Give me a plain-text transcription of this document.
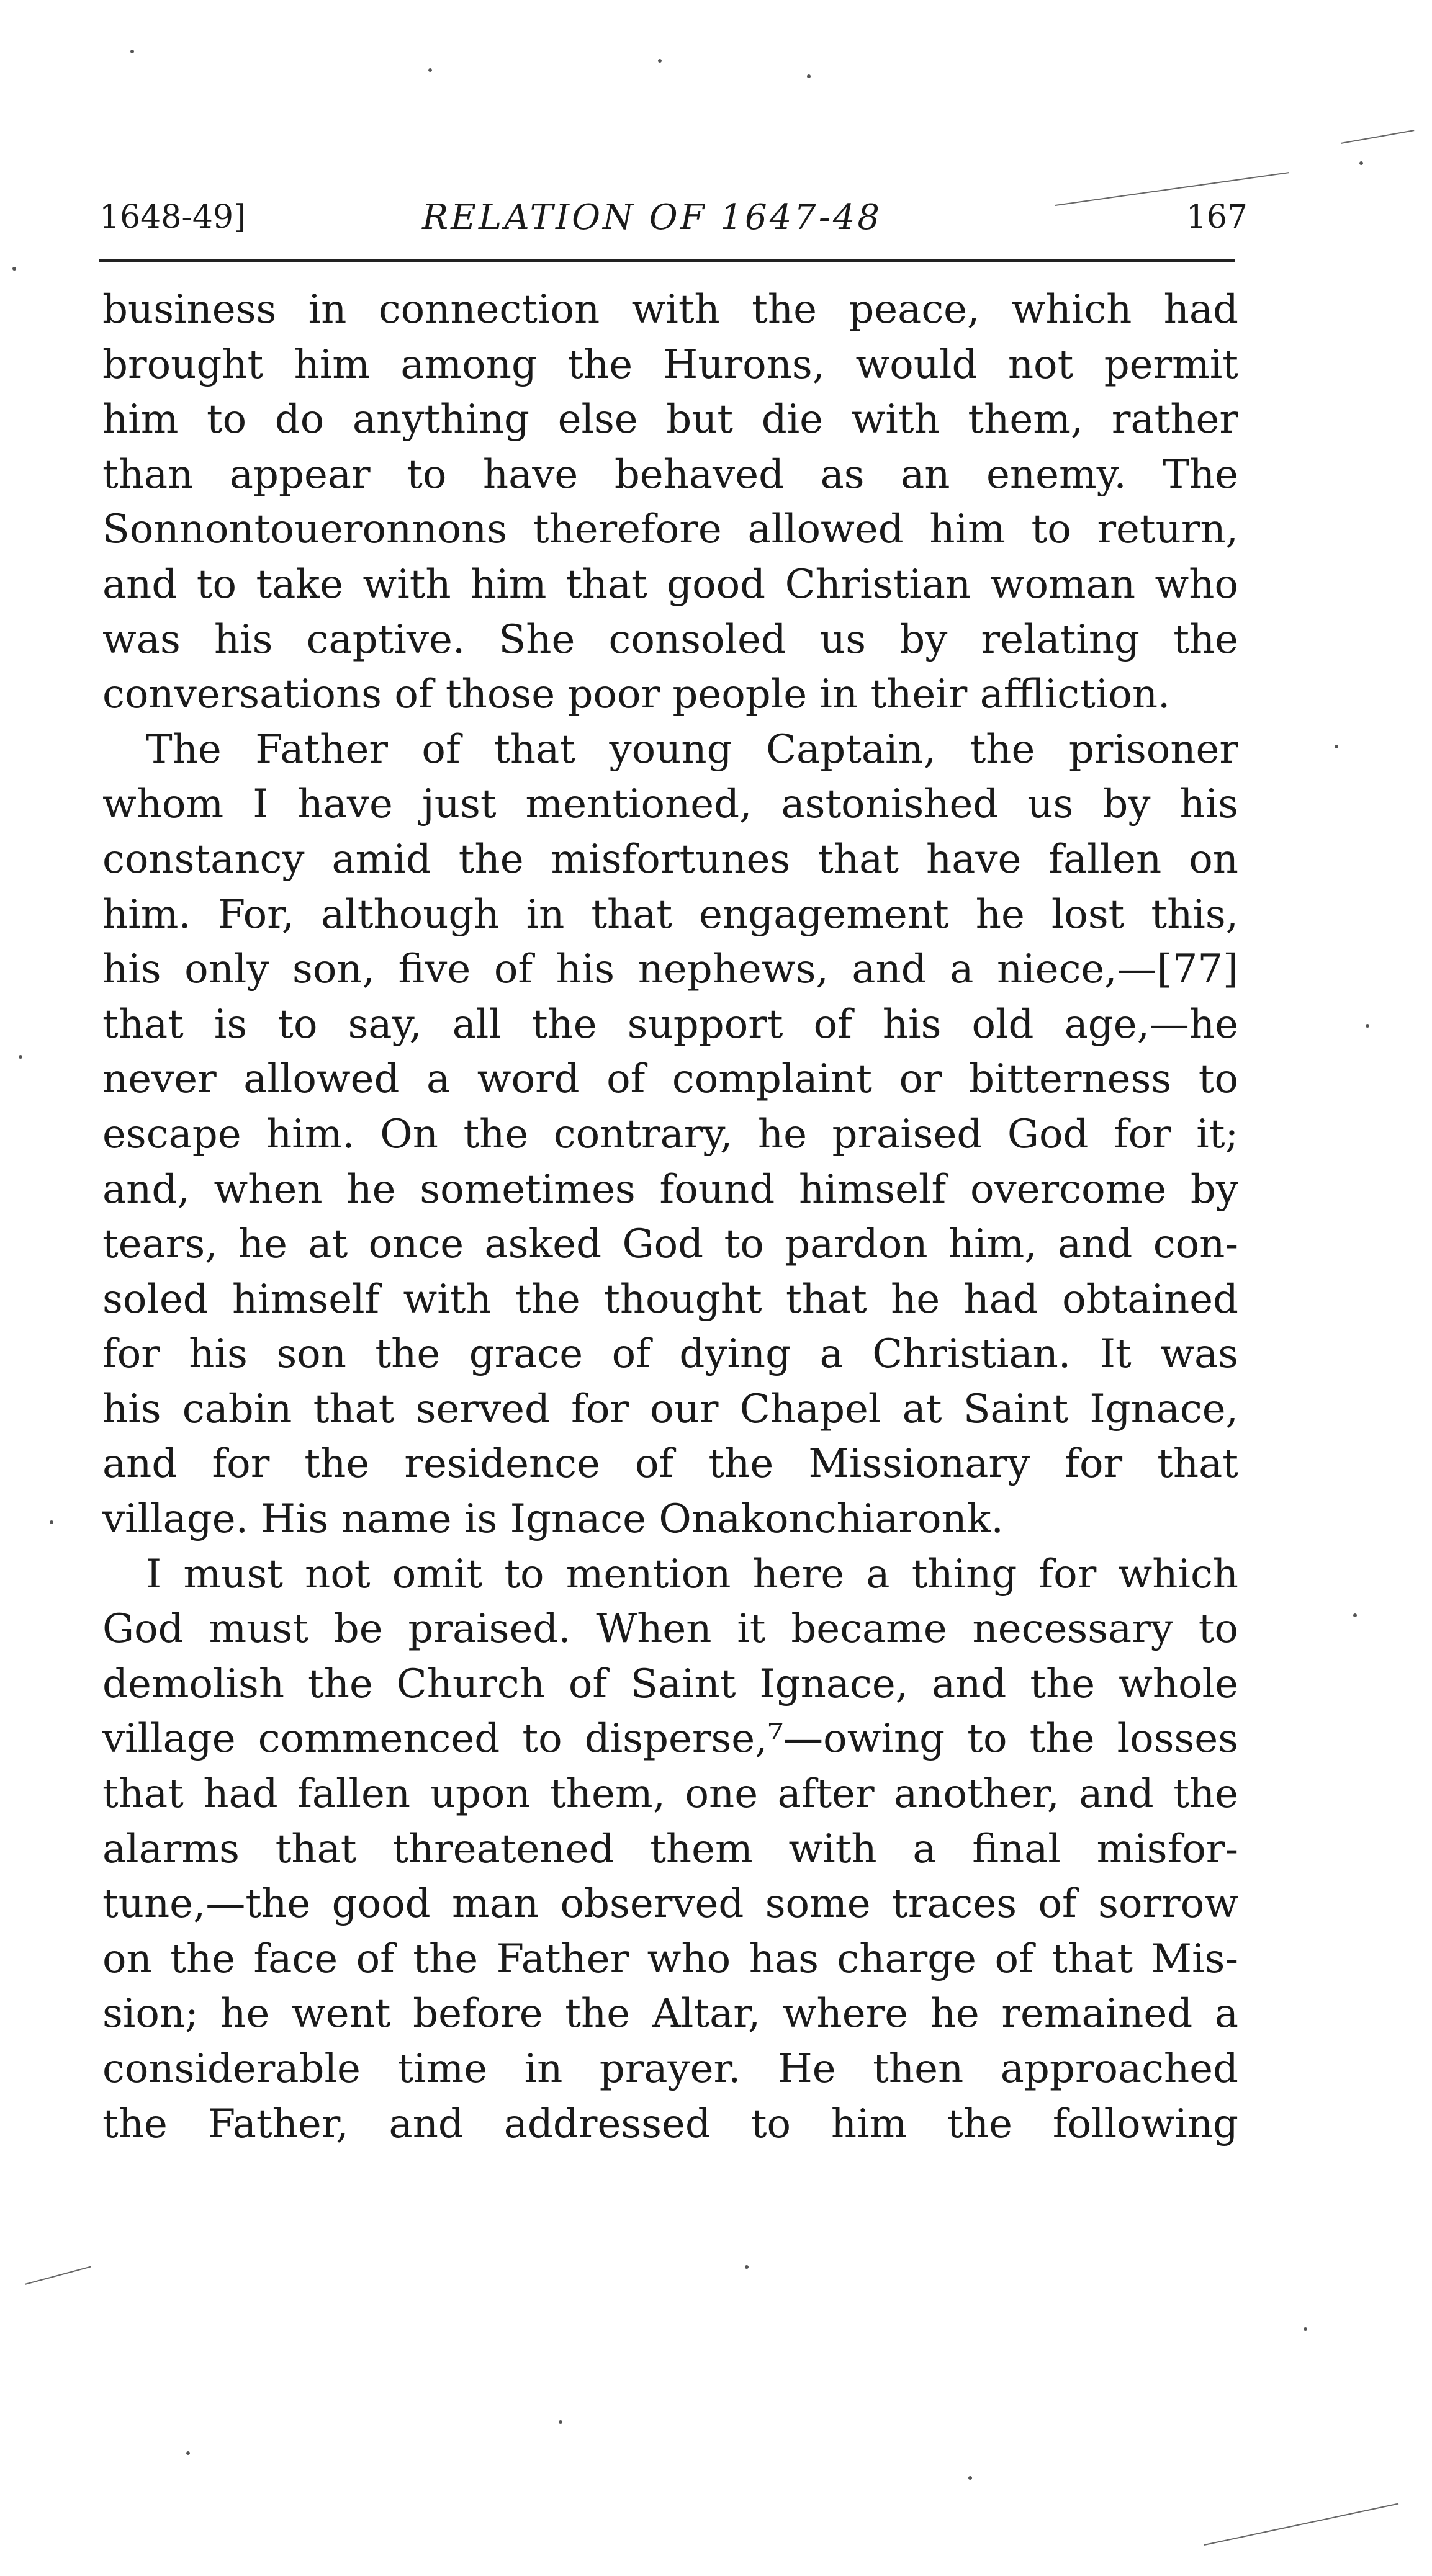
1648-49]	RELATION OF 1647-48	167
business in connection with the peace, which had
brought him among the Hurons, would not permit
him to do anything else but die with them, rather
than appear to have behaved as an enemy. The
Sonnontoueronnons therefore allowed him to return,
and to take with him that good Christian woman who
was his captive. She consoled us by relating the
conversations of those poor people in their affliction.
The Father of that young Captain, the prisoner
whom I have just mentioned, astonished us by his
constancy amid the misfortunes that have fallen on
him. For, although in that engagement he lost this,
his only son, five of his nephews, and a niece,—[77]
that is to say, all the support of his old age,—he
never allowed a word of complaint or bitterness to
escape him. On the contrary, he praised God for it;
and, when he sometimes found himself overcome by
tears, he at once asked God to pardon him, and con-
soled himself with the thought that he had obtained
for his son the grace of dying a Christian. It was
his cabin that served for our Chapel at Saint Ignace,
and for the residence of the Missionary for that
village. His name is Ignace Onakonchiaronk.
I must not omit to mention here a thing for which
God must be praised. When it became necessary to
demolish the Church of Saint Ignace, and the whole
village commenced to disperse,⁷—owing to the losses
that had fallen upon them, one after another, and the
alarms that threatened them with a final misfor-
tune,—the good man observed some traces of sorrow
on the face of the Father who has charge of that Mis-
sion; he went before the Altar, where he remained a
considerable time in prayer. He then approached
the Father, and addressed to him the following
